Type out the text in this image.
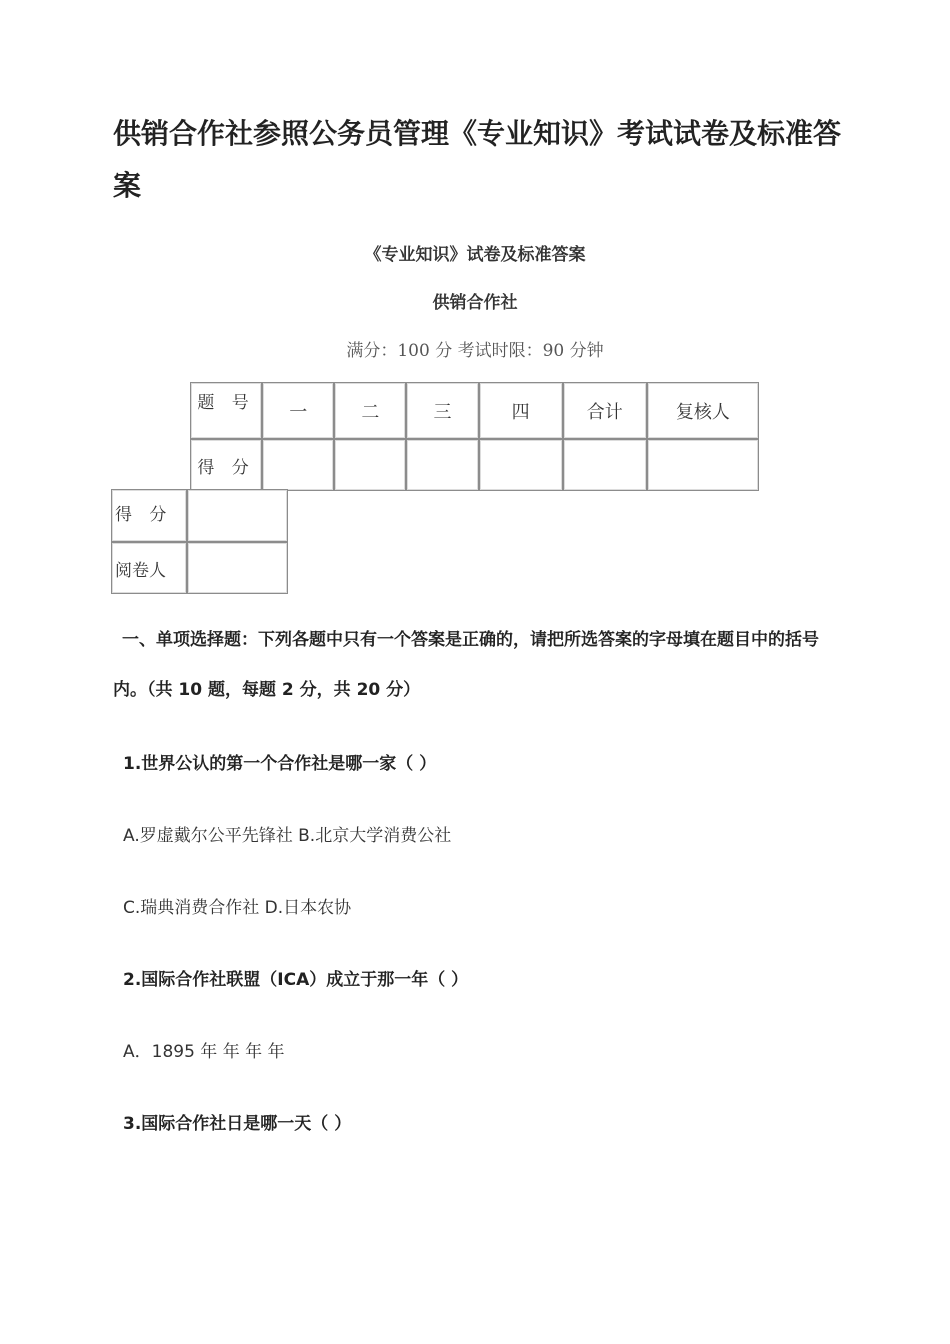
供销合作社参照公务员管理《专业知识》考试试卷及标准答案
《专业知识》试卷及标准答案
供销合作社
满分：100 分 考试时限：90 分钟
题 号	一	二	三	四	合计	复核人
得 分						
得 分	
阅卷人	
一、单项选择题：下列各题中只有一个答案是正确的，请把所选答案的字母填在题目中的括号内。（共 10 题，每题 2 分，共 20 分）
1.世界公认的第一个合作社是哪一家（ ）
A.罗虚戴尔公平先锋社 B.北京大学消费公社
C.瑞典消费合作社 D.日本农协
2.国际合作社联盟（ICA）成立于那一年（ ）
A．1895 年 年 年 年
3.国际合作社日是哪一天（ ）
